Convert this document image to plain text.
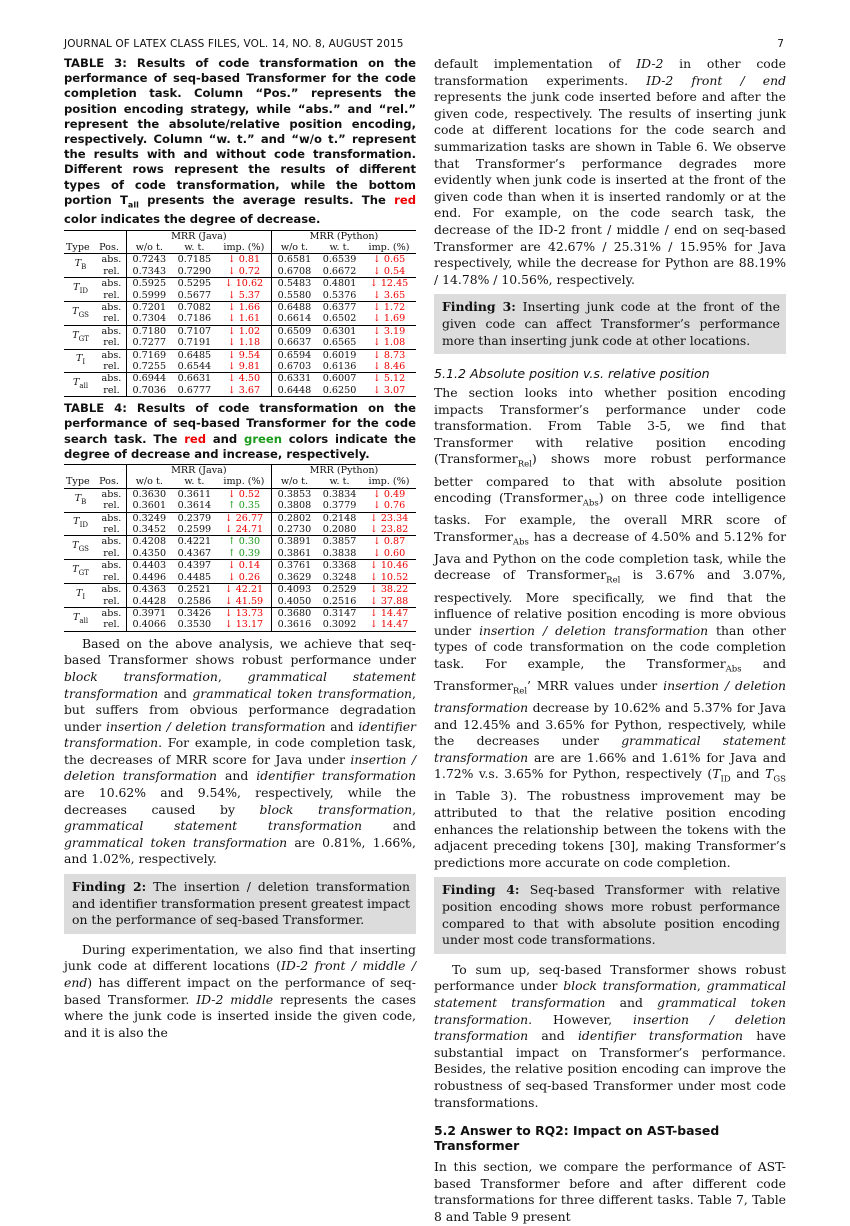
JOURNAL OF LATEX CLASS FILES, VOL. 14, NO. 8, AUGUST 2015	7
TABLE 3: Results of code transformation on the performance of seq-based Transformer for the code completion task. Column “Pos.” represents the position encoding strategy, while “abs.” and “rel.” represent the absolute/relative position encoding, respectively. Column “w. t.” and “w/o t.” represent the results with and without code transformation. Different rows represent the results of different types of code transformation, while the bottom portion $T_{all}$ presents the average results. The red color indicates the degree of decrease.
		MRR (Java)			MRR (Python)		
Type	Pos.	w/o t.	w. t.	imp. (%)	w/o t.	w. t.	imp. (%)
$T_B$	abs.	0.7243	0.7185	↓ 0.81	0.6581	0.6539	↓ 0.65
	rel.	0.7343	0.7290	↓ 0.72	0.6708	0.6672	↓ 0.54
$T_{ID}$	abs.	0.5925	0.5295	↓ 10.62	0.5483	0.4801	↓ 12.45
	rel.	0.5999	0.5677	↓ 5.37	0.5580	0.5376	↓ 3.65
$T_{GS}$	abs.	0.7201	0.7082	↓ 1.66	0.6488	0.6377	↓ 1.72
	rel.	0.7304	0.7186	↓ 1.61	0.6614	0.6502	↓ 1.69
$T_{GT}$	abs.	0.7180	0.7107	↓ 1.02	0.6509	0.6301	↓ 3.19
	rel.	0.7277	0.7191	↓ 1.18	0.6637	0.6565	↓ 1.08
$T_I$	abs.	0.7169	0.6485	↓ 9.54	0.6594	0.6019	↓ 8.73
	rel.	0.7255	0.6544	↓ 9.81	0.6703	0.6136	↓ 8.46
$T_{all}$	abs.	0.6944	0.6631	↓ 4.50	0.6331	0.6007	↓ 5.12
	rel.	0.7036	0.6777	↓ 3.67	0.6448	0.6250	↓ 3.07
TABLE 4: Results of code transformation on the performance of seq-based Transformer for the code search task. The red and green colors indicate the degree of decrease and increase, respectively.
		MRR (Java)			MRR (Python)		
Type	Pos.	w/o t.	w. t.	imp. (%)	w/o t.	w. t.	imp. (%)
$T_B$	abs.	0.3630	0.3611	↓ 0.52	0.3853	0.3834	↓ 0.49
	rel.	0.3601	0.3614	↑ 0.35	0.3808	0.3779	↓ 0.76
$T_{ID}$	abs.	0.3249	0.2379	↓ 26.77	0.2802	0.2148	↓ 23.34
	rel.	0.3452	0.2599	↓ 24.71	0.2730	0.2080	↓ 23.82
$T_{GS}$	abs.	0.4208	0.4221	↑ 0.30	0.3891	0.3857	↓ 0.87
	rel.	0.4350	0.4367	↑ 0.39	0.3861	0.3838	↓ 0.60
$T_{GT}$	abs.	0.4403	0.4397	↓ 0.14	0.3761	0.3368	↓ 10.46
	rel.	0.4496	0.4485	↓ 0.26	0.3629	0.3248	↓ 10.52
$T_I$	abs.	0.4363	0.2521	↓ 42.21	0.4093	0.2529	↓ 38.22
	rel.	0.4428	0.2586	↓ 41.59	0.4050	0.2516	↓ 37.88
$T_{all}$	abs.	0.3971	0.3426	↓ 13.73	0.3680	0.3147	↓ 14.47
	rel.	0.4066	0.3530	↓ 13.17	0.3616	0.3092	↓ 14.47

Based on the above analysis, we achieve that seq-based Transformer shows robust performance under block transformation, grammatical statement transformation and grammatical token transformation, but suffers from obvious performance degradation under insertion / deletion transformation and identifier transformation. For example, in code completion task, the decreases of MRR score for Java under insertion / deletion transformation and identifier transformation are 10.62% and 9.54%, respectively, while the decreases caused by block transformation, grammatical statement transformation and grammatical token transformation are 0.81%, 1.66%, and 1.02%, respectively.

Finding 2: The insertion / deletion transformation and identifier transformation present greatest impact on the performance of seq-based Transformer.

During experimentation, we also find that inserting junk code at different locations (ID-2 front / middle / end) has different impact on the performance of seq-based Transformer. ID-2 middle represents the cases where the junk code is inserted inside the given code, and it is also the

default implementation of ID-2 in other code transformation experiments. ID-2 front / end represents the junk code inserted before and after the given code, respectively. The results of inserting junk code at different locations for the code search and summarization tasks are shown in Table 6. We observe that Transformer’s performance degrades more evidently when junk code is inserted at the front of the given code than when it is inserted randomly or at the end. For example, on the code search task, the decrease of the ID-2 front / middle / end on seq-based Transformer are 42.67% / 25.31% / 15.95% for Java respectively, while the decrease for Python are 88.19% / 14.78% / 10.56%, respectively.

Finding 3: Inserting junk code at the front of the given code can affect Transformer’s performance more than inserting junk code at other locations.
5.1.2 Absolute position v.s. relative position

The section looks into whether position encoding impacts Transformer’s performance under code transformation. From Table 3-5, we find that Transformer with relative position encoding (Transformer$_{Rel}$) shows more robust performance better compared to that with absolute position encoding (Transformer$_{Abs}$) on three code intelligence tasks. For example, the overall MRR score of Transformer$_{Abs}$ has a decrease of 4.50% and 5.12% for Java and Python on the code completion task, while the decrease of Transformer$_{Rel}$ is 3.67% and 3.07%, respectively. More specifically, we find that the influence of relative position encoding is more obvious under insertion / deletion transformation than other types of code transformation on the code completion task. For example, the Transformer$_{Abs}$ and Transformer$_{Rel}$’ MRR values under insertion / deletion transformation decrease by 10.62% and 5.37% for Java and 12.45% and 3.65% for Python, respectively, while the decreases under grammatical statement transformation are are 1.66% and 1.61% for Java and 1.72% v.s. 3.65% for Python, respectively ($T_{ID}$ and $T_{GS}$ in Table 3). The robustness improvement may be attributed to that the relative position encoding enhances the relationship between the tokens with the adjacent preceding tokens [30], making Transformer’s predictions more accurate on code completion.

Finding 4: Seq-based Transformer with relative position encoding shows more robust performance compared to that with absolute position encoding under most code transformations.

To sum up, seq-based Transformer shows robust performance under block transformation, grammatical statement transformation and grammatical token transformation. However, insertion / deletion transformation and identifier transformation have substantial impact on Transformer’s performance. Besides, the relative position encoding can improve the robustness of seq-based Transformer under most code transformations.

5.2 Answer to RQ2: Impact on AST-based Transformer

In this section, we compare the performance of AST-based Transformer before and after different code transformations for three different tasks. Table 7, Table 8 and Table 9 present
